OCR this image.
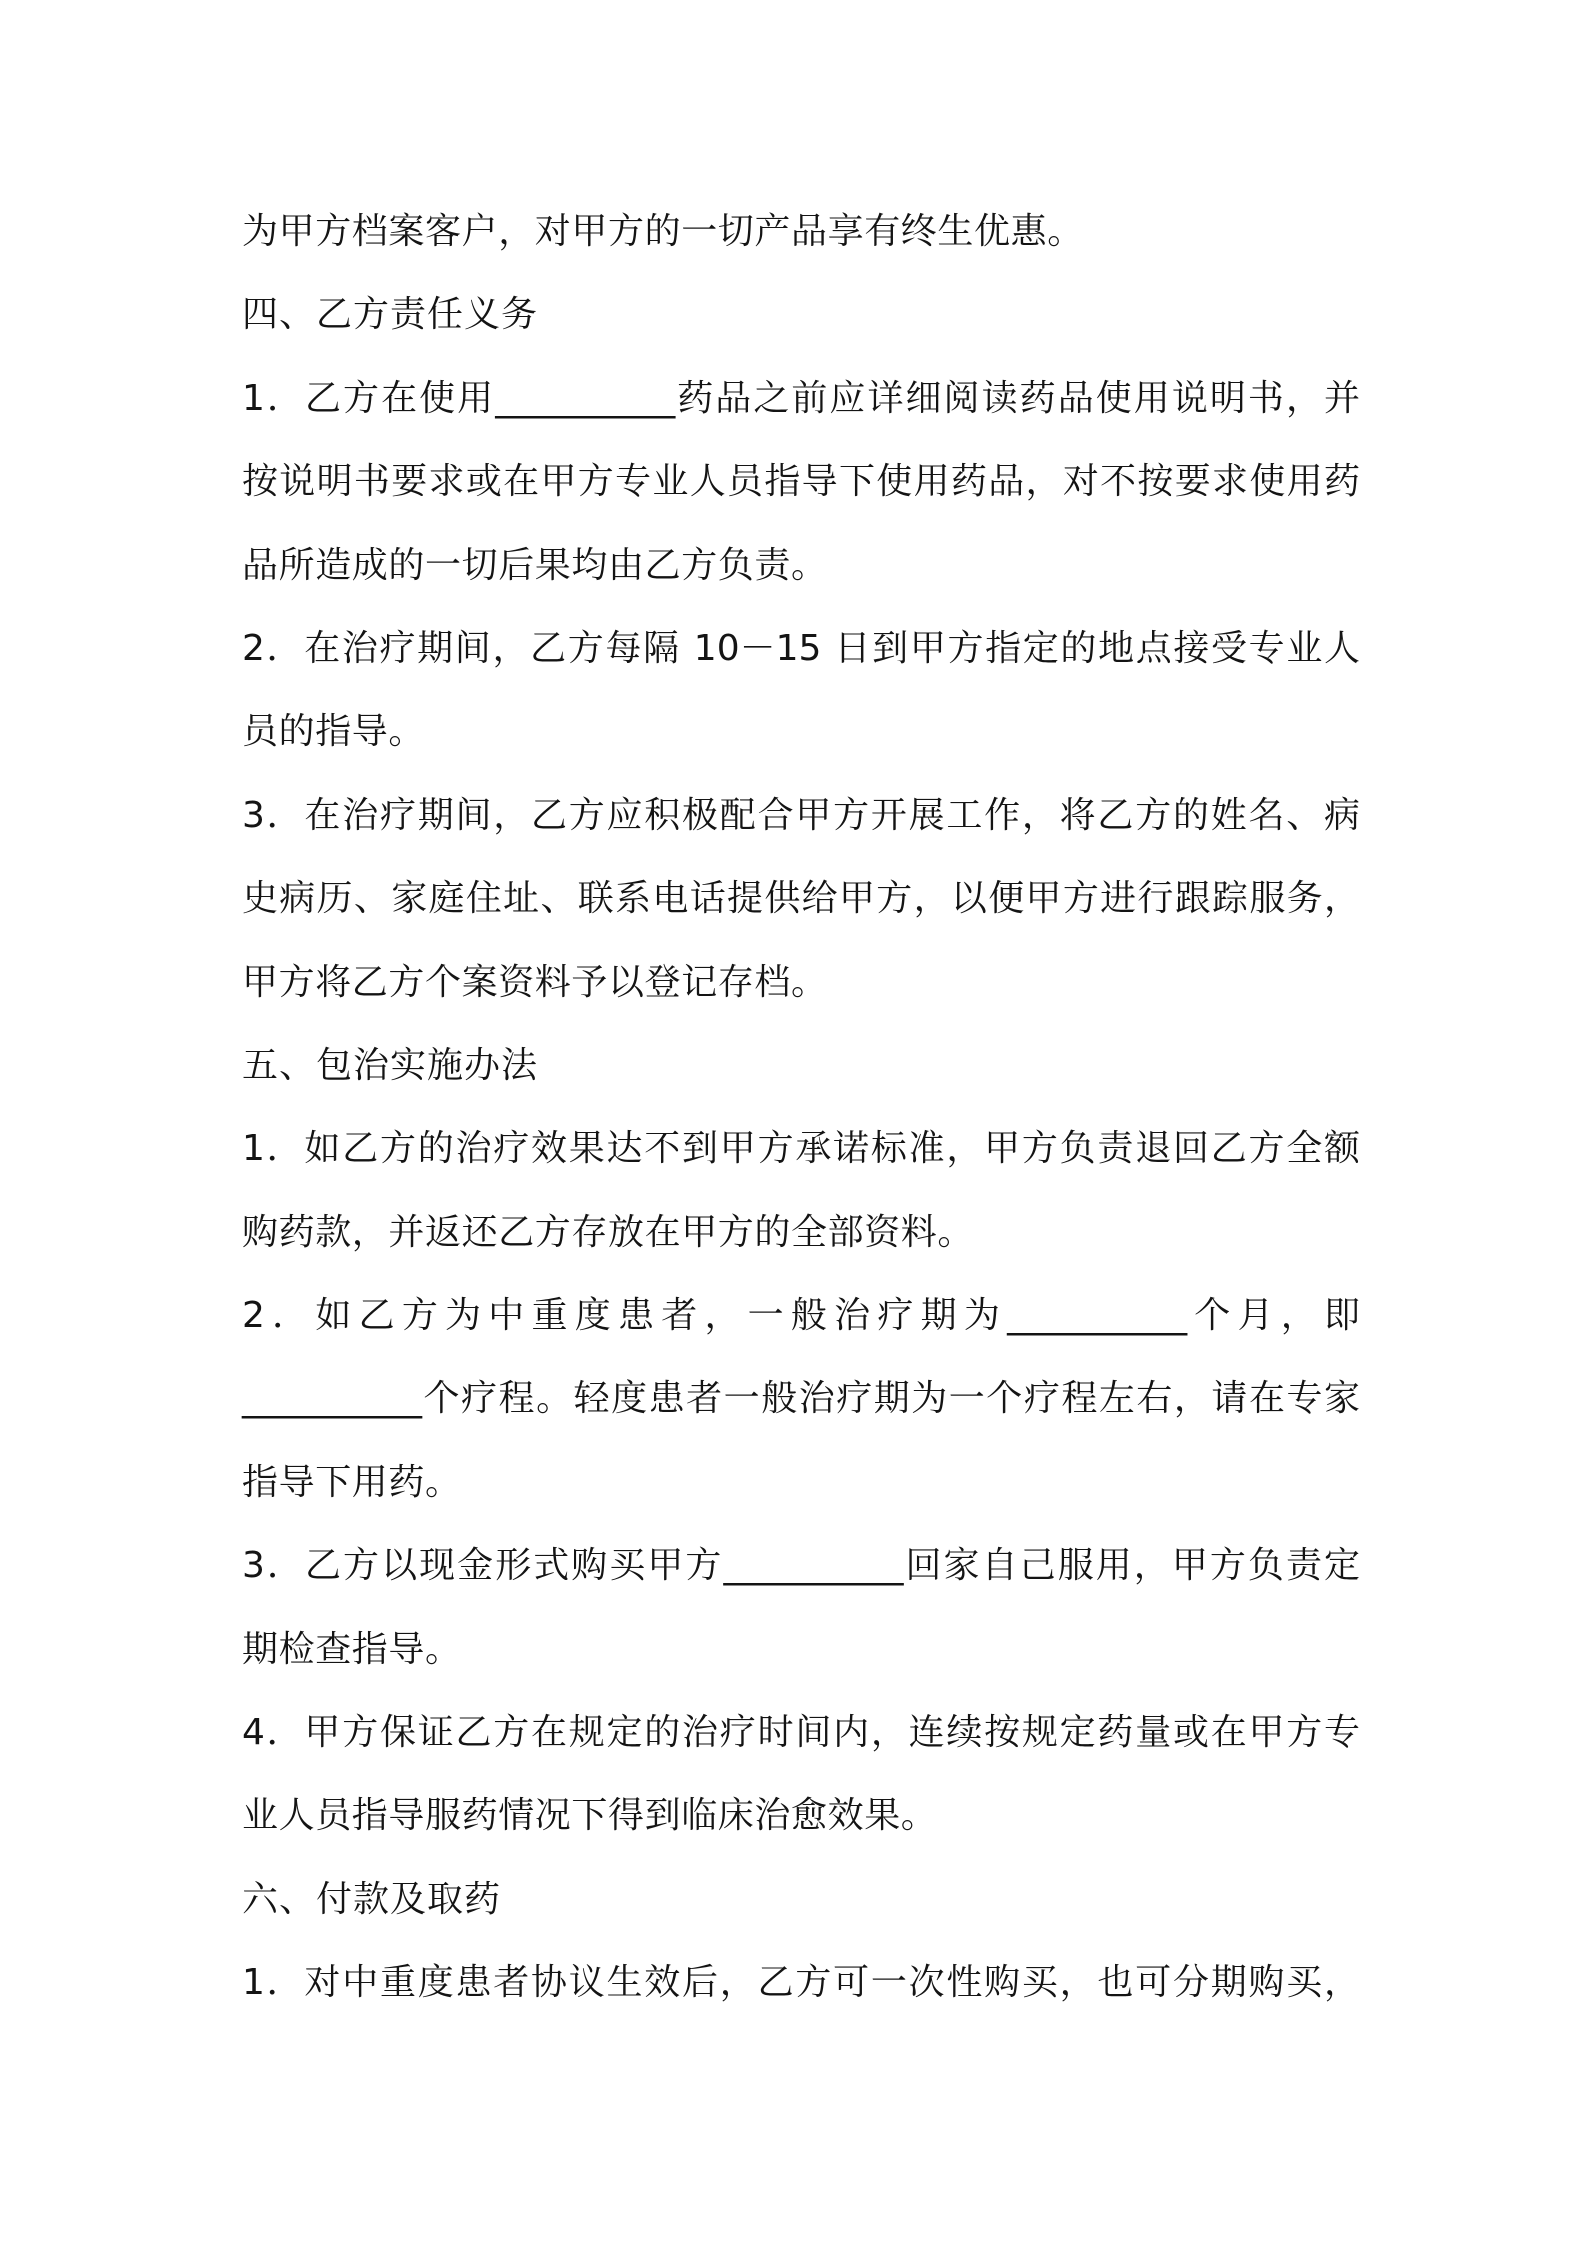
为甲方档案客户，对甲方的一切产品享有终生优惠。
四、乙方责任义务
1．乙方在使用__________药品之前应详细阅读药品使用说明书，并
按说明书要求或在甲方专业人员指导下使用药品，对不按要求使用药
品所造成的一切后果均由乙方负责。
2．在治疗期间，乙方每隔 10－15 日到甲方指定的地点接受专业人
员的指导。
3．在治疗期间，乙方应积极配合甲方开展工作，将乙方的姓名、病
史病历、家庭住址、联系电话提供给甲方，以便甲方进行跟踪服务，
甲方将乙方个案资料予以登记存档。
五、包治实施办法
1．如乙方的治疗效果达不到甲方承诺标准，甲方负责退回乙方全额
购药款，并返还乙方存放在甲方的全部资料。
2．如乙方为中重度患者，一般治疗期为__________个月，即
__________个疗程。轻度患者一般治疗期为一个疗程左右，请在专家
指导下用药。
3．乙方以现金形式购买甲方__________回家自己服用，甲方负责定
期检查指导。
4．甲方保证乙方在规定的治疗时间内，连续按规定药量或在甲方专
业人员指导服药情况下得到临床治愈效果。
六、付款及取药
1．对中重度患者协议生效后，乙方可一次性购买，也可分期购买，
